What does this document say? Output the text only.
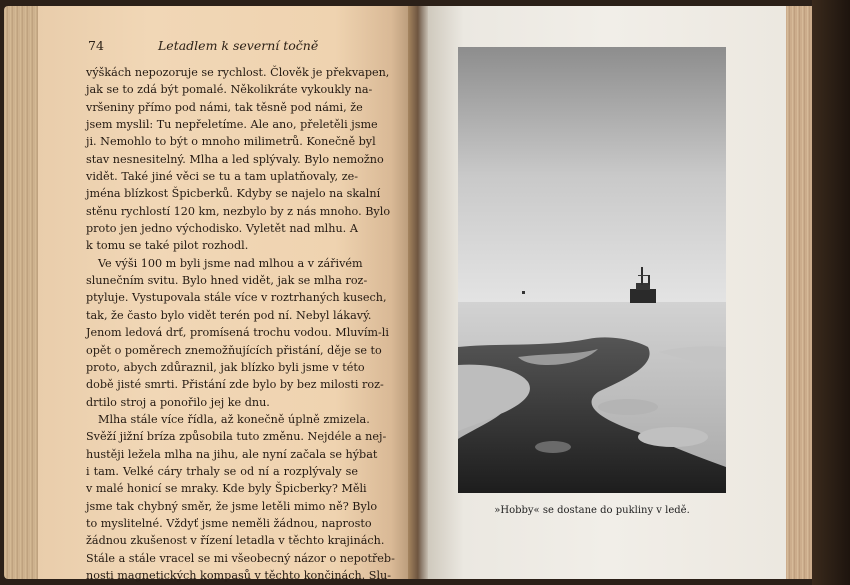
74	Letadlem k severní točně
výškách nepozoruje se rychlost. Člověk je překvapen,
jak se to zdá být pomalé. Několikráte vykoukly na-
vršeniny přímo pod námi, tak těsně pod námi, že
jsem myslil: Tu nepřeletíme. Ale ano, přeletěli jsme
ji. Nemohlo to být o mnoho milimetrů. Konečně byl
stav nesnesitelný. Mlha a led splývaly. Bylo nemožno
vidět. Také jiné věci se tu a tam uplatňovaly, ze-
jména blízkost Špicberků. Kdyby se najelo na skalní
stěnu rychlostí 120 km, nezbylo by z nás mnoho. Bylo
proto jen jedno východisko. Vyletět nad mlhu. A
k tomu se také pilot rozhodl.
Ve výši 100 m byli jsme nad mlhou a v zářivém
slunečním svitu. Bylo hned vidět, jak se mlha roz-
ptyluje. Vystupovala stále více v roztrhaných kusech,
tak, že často bylo vidět terén pod ní. Nebyl lákavý.
Jenom ledová drť, promísená trochu vodou. Mluvím-li
opět o poměrech znemožňujících přistání, děje se to
proto, abych zdůraznil, jak blízko byli jsme v této
době jisté smrti. Přistání zde bylo by bez milosti roz-
drtilo stroj a ponořilo jej ke dnu.
Mlha stále více řídla, až konečně úplně zmizela.
Svěží jižní bríza způsobila tuto změnu. Nejdéle a nej-
hustěji ležela mlha na jihu, ale nyní začala se hýbat
i tam. Velké cáry trhaly se od ní a rozplývaly se
v malé honicí se mraky. Kde byly Špicberky? Měli
jsme tak chybný směr, že jsme letěli mimo ně? Bylo
to myslitelné. Vždyť jsme neměli žádnou, naprosto
žádnou zkušenost v řízení letadla v těchto krajinách.
Stále a stále vracel se mi všeobecný názor o nepotřeb-
nosti magnetických kompasů v těchto končinách. Slu-
»Hobby« se dostane do pukliny v ledě.
